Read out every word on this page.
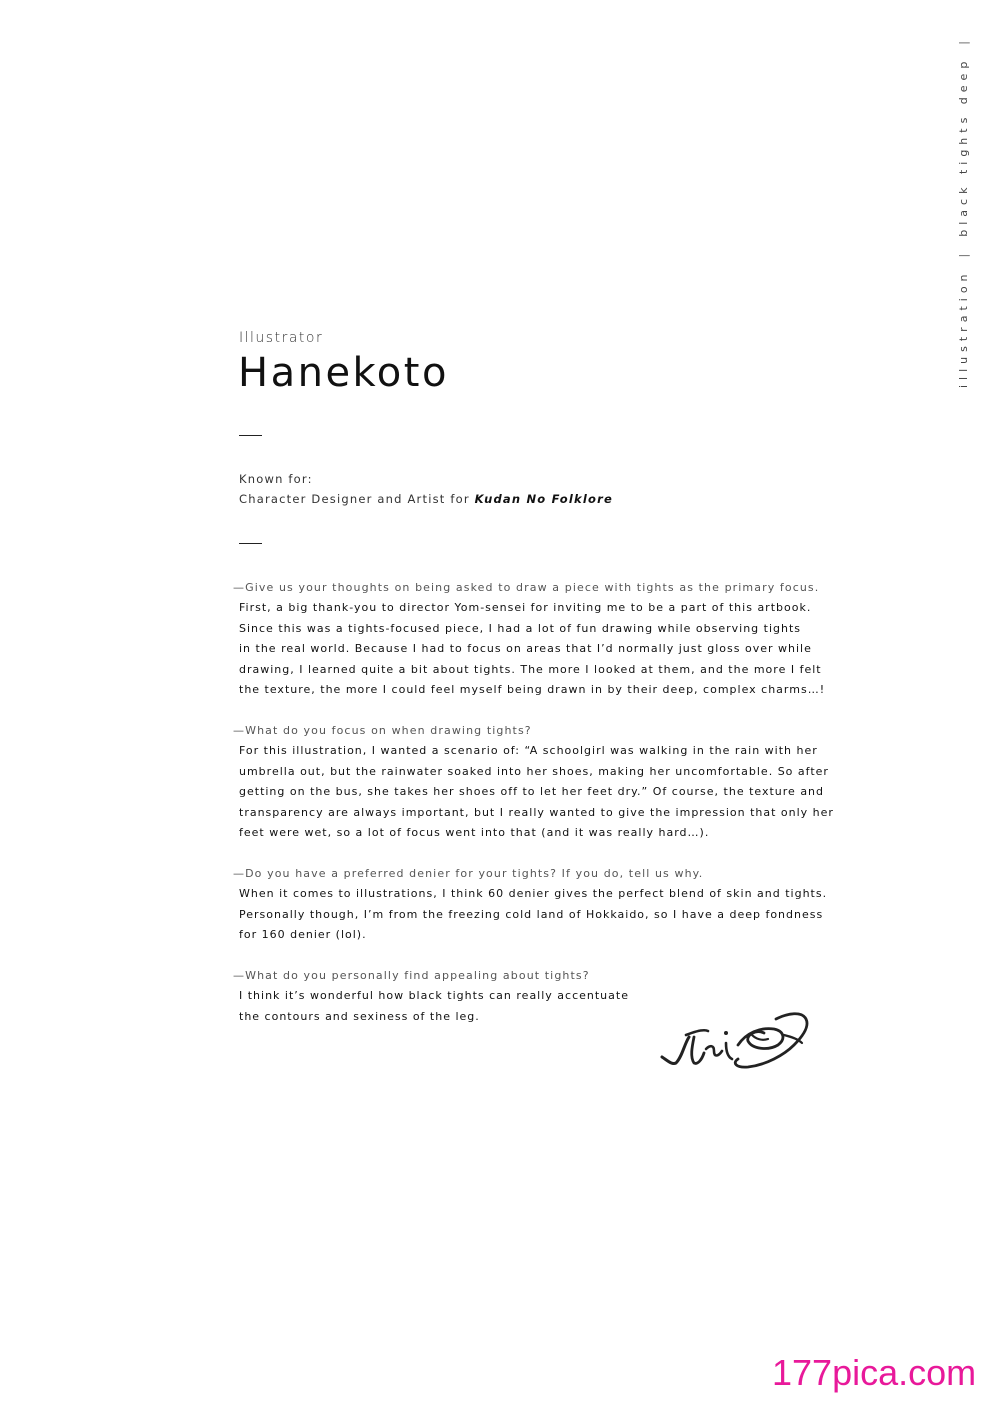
illustration|black tights deep|
Illustrator
Hanekoto
Known for:
Character Designer and Artist for Kudan No Folklore
—Give us your thoughts on being asked to draw a piece with tights as the primary focus.
First, a big thank-you to director Yom-sensei for inviting me to be a part of this artbook.
Since this was a tights-focused piece, I had a lot of fun drawing while observing tights
in the real world. Because I had to focus on areas that I’d normally just gloss over while
drawing, I learned quite a bit about tights. The more I looked at them, and the more I felt
the texture, the more I could feel myself being drawn in by their deep, complex charms…!
—What do you focus on when drawing tights?
For this illustration, I wanted a scenario of: “A schoolgirl was walking in the rain with her
umbrella out, but the rainwater soaked into her shoes, making her uncomfortable. So after
getting on the bus, she takes her shoes off to let her feet dry.” Of course, the texture and
transparency are always important, but I really wanted to give the impression that only her
feet were wet, so a lot of focus went into that (and it was really hard…).
—Do you have a preferred denier for your tights? If you do, tell us why.
When it comes to illustrations, I think 60 denier gives the perfect blend of skin and tights.
Personally though, I’m from the freezing cold land of Hokkaido, so I have a deep fondness
for 160 denier (lol).
—What do you personally find appealing about tights?
I think it’s wonderful how black tights can really accentuate
the contours and sexiness of the leg.
177pica.com
